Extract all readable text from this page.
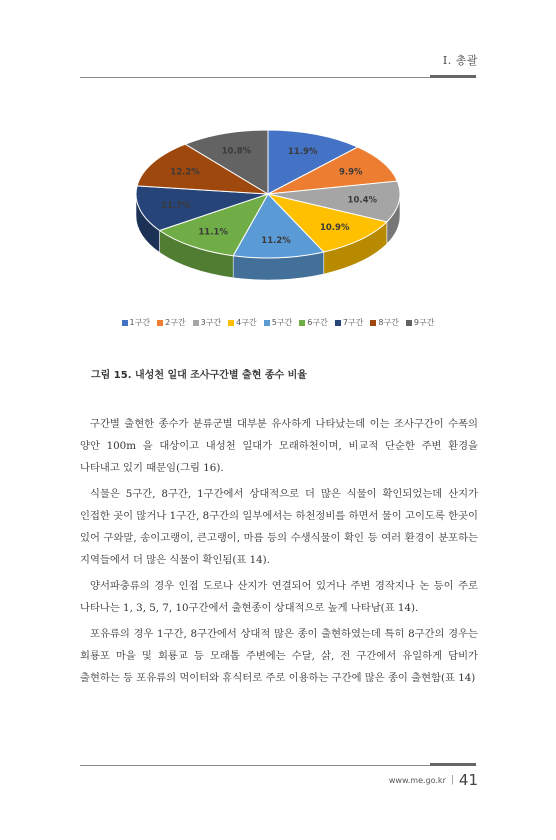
I. 총괄
11.9%
9.9%
10.4%
10.9%
11.2%
11.1%
11.7%
12.2%
10.8%
1구간 2구간 3구간 4구간 5구간 6구간 7구간 8구간 9구간
그림 15. 내성천 일대 조사구간별 출현 종수 비율

구간별 출현한 종수가 분류군별 대부분 유사하게 나타났는데 이는 조사구간이 수폭의 양안 100m 을 대상이고 내성천 일대가 모래하천이며, 비교적 단순한 주변 환경을 나타내고 있기 때문임(그림 16).

식물은 5구간, 8구간, 1구간에서 상대적으로 더 많은 식물이 확인되었는데 산지가 인접한 곳이 많거나 1구간, 8구간의 일부에서는 하천정비를 하면서 물이 고이도록 한곳이 있어 구와말, 송이고랭이, 큰고랭이, 마름 등의 수생식물이 확인 등 여러 환경이 분포하는 지역들에서 더 많은 식물이 확인됨(표 14).

양서파충류의 경우 인접 도로나 산지가 연결되어 있거나 주변 경작지나 논 등이 주로 나타나는 1, 3, 5, 7, 10구간에서 출현종이 상대적으로 높게 나타남(표 14).

포유류의 경우 1구간, 8구간에서 상대적 많은 종이 출현하였는데 특히 8구간의 경우는 회룡포 마을 및 회룡교 등 모래톱 주변에는 수달, 삵, 전 구간에서 유일하게 담비가 출현하는 등 포유류의 먹이터와 휴식터로 주로 이용하는 구간에 많은 종이 출현함(표 14)

www.me.go.kr | 41
